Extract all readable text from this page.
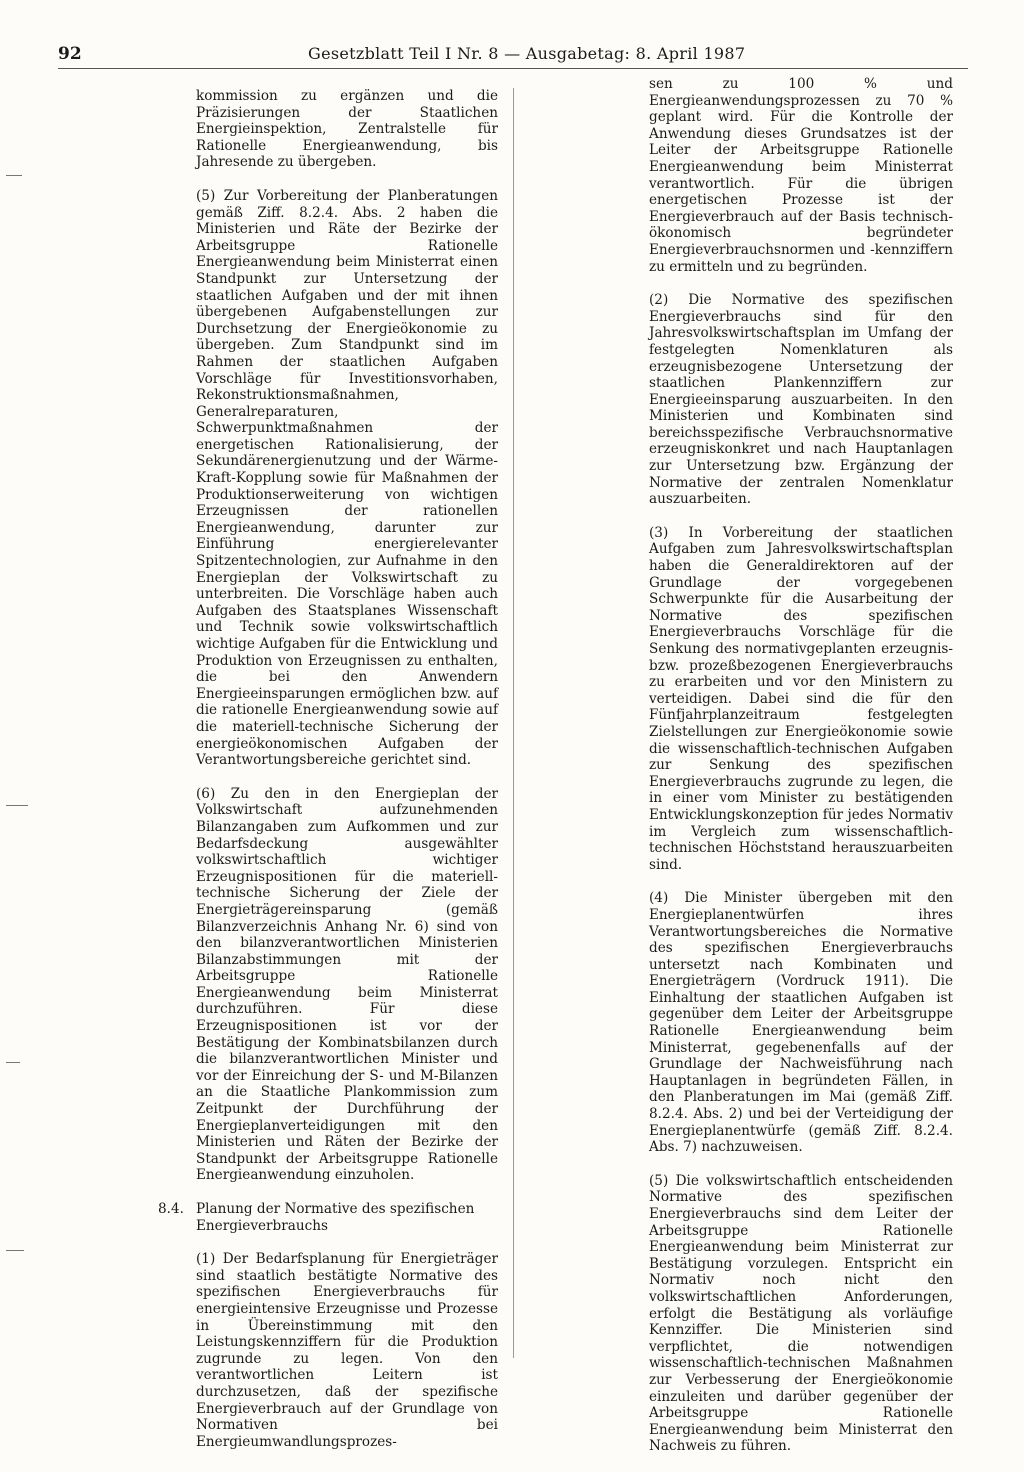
92	Gesetzblatt Teil I Nr. 8 — Ausgabetag: 8. April 1987

kommission zu ergänzen und die Präzisierungen der Staatlichen Energieinspektion, Zentralstelle für Rationelle Energieanwendung, bis Jahresende zu übergeben.

(5) Zur Vorbereitung der Planberatungen gemäß Ziff. 8.2.4. Abs. 2 haben die Ministerien und Räte der Bezirke der Arbeitsgruppe Rationelle Energieanwendung beim Ministerrat einen Standpunkt zur Untersetzung der staatlichen Aufgaben und der mit ihnen übergebenen Aufgabenstellungen zur Durchsetzung der Energieökonomie zu übergeben. Zum Standpunkt sind im Rahmen der staatlichen Aufgaben Vorschläge für Investitionsvorhaben, Rekonstruktionsmaßnahmen, Generalreparaturen, Schwerpunktmaßnahmen der energetischen Rationalisierung, der Sekundärenergienutzung und der Wärme-Kraft-Kopplung sowie für Maßnahmen der Produktionserweiterung von wichtigen Erzeugnissen der rationellen Energieanwendung, darunter zur Einführung energierelevanter Spitzentechnologien, zur Aufnahme in den Energieplan der Volkswirtschaft zu unterbreiten. Die Vorschläge haben auch Aufgaben des Staatsplanes Wissenschaft und Technik sowie volkswirtschaftlich wichtige Aufgaben für die Entwicklung und Produktion von Erzeugnissen zu enthalten, die bei den Anwendern Energieeinsparungen ermöglichen bzw. auf die rationelle Energieanwendung sowie auf die materiell-technische Sicherung der energieökonomischen Aufgaben der Verantwortungsbereiche gerichtet sind.

(6) Zu den in den Energieplan der Volkswirtschaft aufzunehmenden Bilanzangaben zum Aufkommen und zur Bedarfsdeckung ausgewählter volkswirtschaftlich wichtiger Erzeugnispositionen für die materiell-technische Sicherung der Ziele der Energieträgereinsparung (gemäß Bilanzverzeichnis Anhang Nr. 6) sind von den bilanzverantwortlichen Ministerien Bilanzabstimmungen mit der Arbeitsgruppe Rationelle Energieanwendung beim Ministerrat durchzuführen. Für diese Erzeugnispositionen ist vor der Bestätigung der Kombinatsbilanzen durch die bilanzverantwortlichen Minister und vor der Einreichung der S- und M-Bilanzen an die Staatliche Plankommission zum Zeitpunkt der Durchführung der Energieplanverteidigungen mit den Ministerien und Räten der Bezirke der Standpunkt der Arbeitsgruppe Rationelle Energieanwendung einzuholen.

8.4. Planung der Normative des spezifischen Energieverbrauchs

(1) Der Bedarfsplanung für Energieträger sind staatlich bestätigte Normative des spezifischen Energieverbrauchs für energieintensive Erzeugnisse und Prozesse in Übereinstimmung mit den Leistungskennziffern für die Produktion zugrunde zu legen. Von den verantwortlichen Leitern ist durchzusetzen, daß der spezifische Energieverbrauch auf der Grundlage von Normativen bei Energieumwandlungsprozes-

sen zu 100 % und Energieanwendungsprozessen zu 70 % geplant wird. Für die Kontrolle der Anwendung dieses Grundsatzes ist der Leiter der Arbeitsgruppe Rationelle Energieanwendung beim Ministerrat verantwortlich. Für die übrigen energetischen Prozesse ist der Energieverbrauch auf der Basis technisch-ökonomisch begründeter Energieverbrauchsnormen und -kennziffern zu ermitteln und zu begründen.

(2) Die Normative des spezifischen Energieverbrauchs sind für den Jahresvolkswirtschaftsplan im Umfang der festgelegten Nomenklaturen als erzeugnisbezogene Untersetzung der staatlichen Plankennziffern zur Energieeinsparung auszuarbeiten. In den Ministerien und Kombinaten sind bereichsspezifische Verbrauchsnormative erzeugniskonkret und nach Hauptanlagen zur Untersetzung bzw. Ergänzung der Normative der zentralen Nomenklatur auszuarbeiten.

(3) In Vorbereitung der staatlichen Aufgaben zum Jahresvolkswirtschaftsplan haben die Generaldirektoren auf der Grundlage der vorgegebenen Schwerpunkte für die Ausarbeitung der Normative des spezifischen Energieverbrauchs Vorschläge für die Senkung des normativgeplanten erzeugnis- bzw. prozeßbezogenen Energieverbrauchs zu erarbeiten und vor den Ministern zu verteidigen. Dabei sind die für den Fünfjahrplanzeitraum festgelegten Zielstellungen zur Energieökonomie sowie die wissenschaftlich-technischen Aufgaben zur Senkung des spezifischen Energieverbrauchs zugrunde zu legen, die in einer vom Minister zu bestätigenden Entwicklungskonzeption für jedes Normativ im Vergleich zum wissenschaftlich-technischen Höchststand herauszuarbeiten sind.

(4) Die Minister übergeben mit den Energieplanentwürfen ihres Verantwortungsbereiches die Normative des spezifischen Energieverbrauchs untersetzt nach Kombinaten und Energieträgern (Vordruck 1911). Die Einhaltung der staatlichen Aufgaben ist gegenüber dem Leiter der Arbeitsgruppe Rationelle Energieanwendung beim Ministerrat, gegebenenfalls auf der Grundlage der Nachweisführung nach Hauptanlagen in begründeten Fällen, in den Planberatungen im Mai (gemäß Ziff. 8.2.4. Abs. 2) und bei der Verteidigung der Energieplanentwürfe (gemäß Ziff. 8.2.4. Abs. 7) nachzuweisen.

(5) Die volkswirtschaftlich entscheidenden Normative des spezifischen Energieverbrauchs sind dem Leiter der Arbeitsgruppe Rationelle Energieanwendung beim Ministerrat zur Bestätigung vorzulegen. Entspricht ein Normativ noch nicht den volkswirtschaftlichen Anforderungen, erfolgt die Bestätigung als vorläufige Kennziffer. Die Ministerien sind verpflichtet, die notwendigen wissenschaftlich-technischen Maßnahmen zur Verbesserung der Energieökonomie einzuleiten und darüber gegenüber der Arbeitsgruppe Rationelle Energieanwendung beim Ministerrat den Nachweis zu führen.
